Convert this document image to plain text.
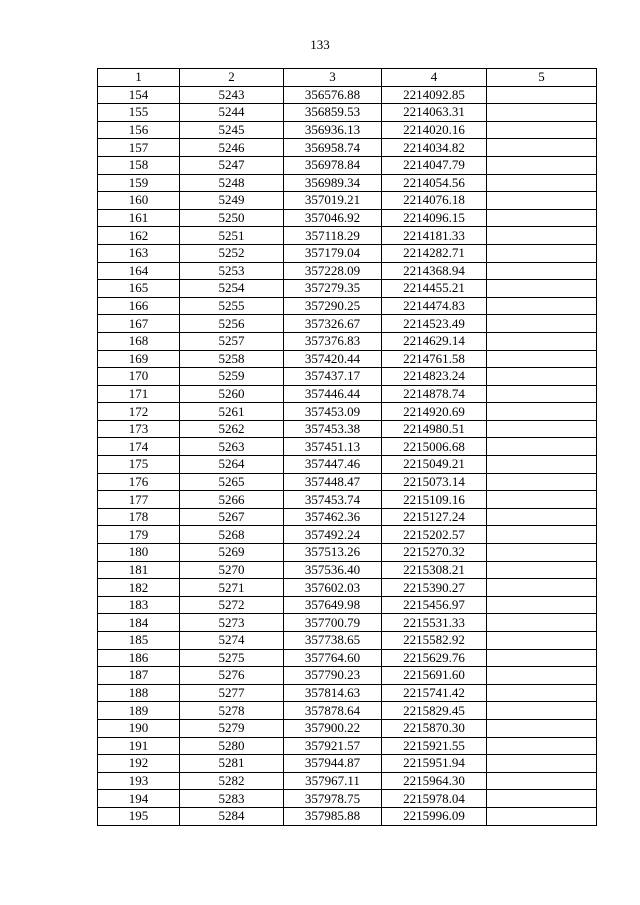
133
1	2	3	4	5
154	5243	356576.88	2214092.85	
155	5244	356859.53	2214063.31	
156	5245	356936.13	2214020.16	
157	5246	356958.74	2214034.82	
158	5247	356978.84	2214047.79	
159	5248	356989.34	2214054.56	
160	5249	357019.21	2214076.18	
161	5250	357046.92	2214096.15	
162	5251	357118.29	2214181.33	
163	5252	357179.04	2214282.71	
164	5253	357228.09	2214368.94	
165	5254	357279.35	2214455.21	
166	5255	357290.25	2214474.83	
167	5256	357326.67	2214523.49	
168	5257	357376.83	2214629.14	
169	5258	357420.44	2214761.58	
170	5259	357437.17	2214823.24	
171	5260	357446.44	2214878.74	
172	5261	357453.09	2214920.69	
173	5262	357453.38	2214980.51	
174	5263	357451.13	2215006.68	
175	5264	357447.46	2215049.21	
176	5265	357448.47	2215073.14	
177	5266	357453.74	2215109.16	
178	5267	357462.36	2215127.24	
179	5268	357492.24	2215202.57	
180	5269	357513.26	2215270.32	
181	5270	357536.40	2215308.21	
182	5271	357602.03	2215390.27	
183	5272	357649.98	2215456.97	
184	5273	357700.79	2215531.33	
185	5274	357738.65	2215582.92	
186	5275	357764.60	2215629.76	
187	5276	357790.23	2215691.60	
188	5277	357814.63	2215741.42	
189	5278	357878.64	2215829.45	
190	5279	357900.22	2215870.30	
191	5280	357921.57	2215921.55	
192	5281	357944.87	2215951.94	
193	5282	357967.11	2215964.30	
194	5283	357978.75	2215978.04	
195	5284	357985.88	2215996.09	
